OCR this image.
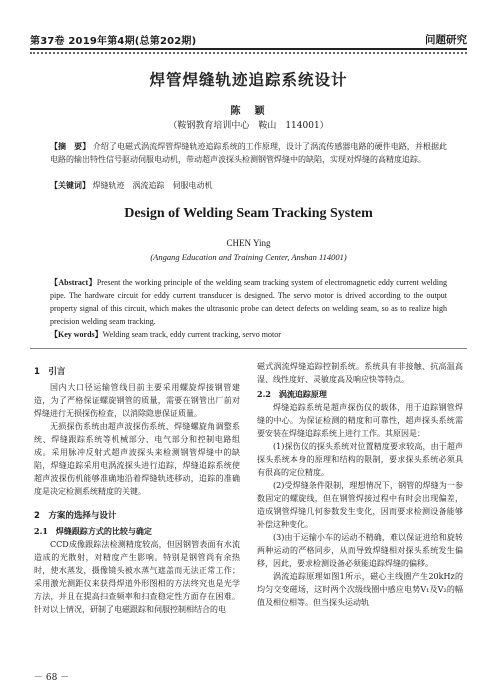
第37卷 2019年第4期(总第202期)	问题研究
焊管焊缝轨迹追踪系统设计
陈　颖
（鞍钢教育培训中心　鞍山　114001）
【摘　要】 介绍了电磁式涡流焊管焊缝轨迹追踪系统的工作原理，设计了涡流传感器电路的硬件电路，并根据此电路的输出特性信号驱动伺服电动机，带动超声波探头检测钢管焊缝中的缺陷，实现对焊缝的高精度追踪。
【关键词】 焊缝轨迹　涡流追踪　伺服电动机
Design of Welding Seam Tracking System
CHEN Ying
(Angang Education and Training Center, Anshan 114001)
【Abstract】Present the working principle of the welding seam tracking system of electromagnetic eddy current welding pipe. The hardware circuit for eddy current transducer is designed. The servo motor is drived according to the output property signal of this circuit, which makes the ultrasonic probe can detect defects on welding seam, so as to realize high precision welding seam tracking.
【Key words】Welding seam track, eddy current tracking, servo motor
1　引言

国内大口径运输管线目前主要采用螺旋焊接钢管建造，为了严格保证螺旋钢管的质量，需要在钢管出厂前对焊缝进行无损探伤检查，以消除隐患保证质量。

无损探伤系统由超声波探伤系统、焊缝螺旋角调整系统、焊缝跟踪系统等机械部分、电气部分和控制电路组成。采用脉冲反射式超声波探头来检测钢管焊缝中的缺陷，焊缝追踪采用电涡流探头进行追踪，焊缝追踪系统使超声波探伤机能够准确地沿着焊缝轨迹移动，追踪的准确度是决定检测系统精度的关键。

2　方案的选择与设计
2.1　焊缝跟踪方式的比较与确定

CCD成像跟踪法检测精度较高，但因钢管表面有水流造成的光散射，对精度产生影响。特别是钢管尚有余热时，使水蒸发，摄像镜头被水蒸气遮盖而无法正常工作；采用激光测距仪来获得焊道外形图相的方法终究也是光学方法，并且在提高扫查频率和扫查稳定性方面存在困难。针对以上情况，研制了电磁跟踪和伺服控制相结合的电

磁式涡流焊缝追踪控制系统。系统具有非接触、抗高温高湿、线性度好、灵敏度高及响应快等特点。

2.2　涡流追踪原理

焊缝追踪系统是超声探伤仪的载体，用于追踪钢管焊缝的中心。为保证检测的精度和可靠性，超声探头系统需要安装在焊缝追踪系统上进行工作。其原因是：

(1)探伤仪的探头系统对位置精度要求较高，由于超声探头系统本身的原理和结构的限制，要求探头系统必须具有很高的定位精度。

(2)受焊缝条件限制，理想情况下，钢管的焊缝为一参数固定的螺旋线，但在钢管焊接过程中有时会出现偏差，造成钢管焊缝几何参数发生变化，因而要求检测设备能够补偿这种变化。

(3)由于运输小车的运动不精确，难以保证进给和旋转两种运动的严格同步，从而导致焊缝相对探头系统发生偏移，因此，要求检测设备必须能追踪焊缝的偏移。

涡流追踪原理如图1所示，磁心主线圈产生20kHz的均匀交变磁场，这时两个次级线圈中感应电势V₁及V₂的幅值及相位相等。但当探头运动轨

－ 68 －
